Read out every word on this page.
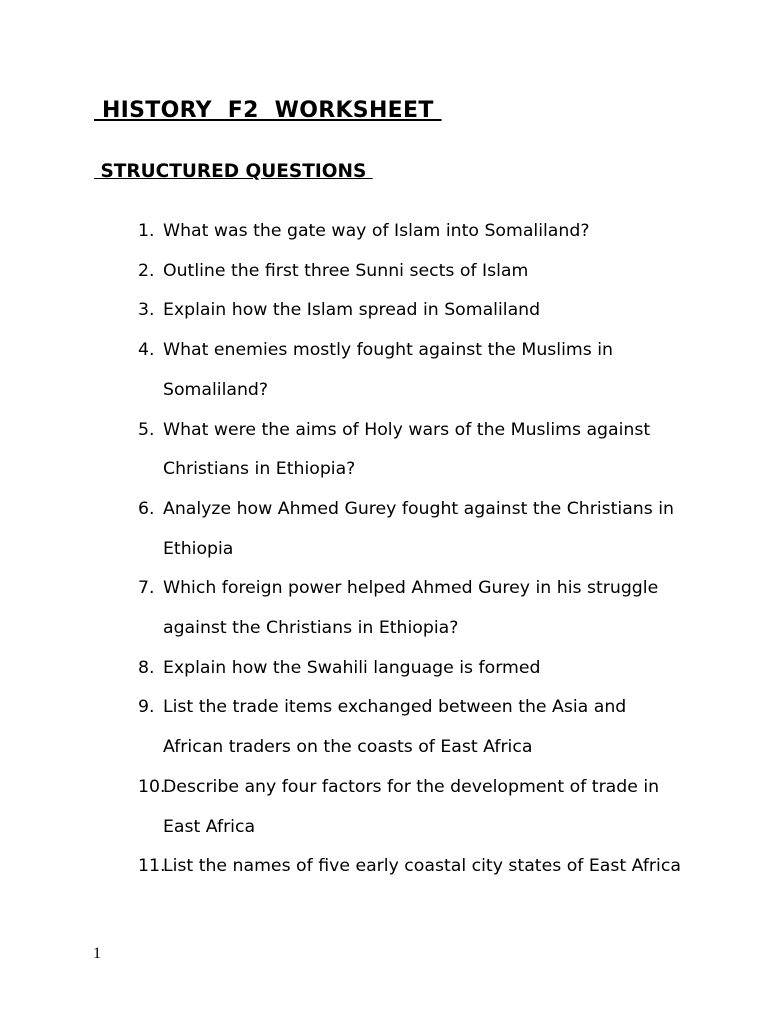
HISTORY  F2  WORKSHEET
STRUCTURED QUESTIONS
1. What was the gate way of Islam into Somaliland?
2. Outline the first three Sunni sects of Islam
3. Explain how the Islam spread in Somaliland
4. What enemies mostly fought against the Muslims in Somaliland?
5. What were the aims of Holy wars of the Muslims against Christians in Ethiopia?
6. Analyze how Ahmed Gurey fought against the Christians in Ethiopia
7. Which foreign power helped Ahmed Gurey in his struggle against the Christians in Ethiopia?
8. Explain how the Swahili language is formed
9. List the trade items exchanged between the Asia and African traders on the coasts of East Africa
10.
Describe any four factors for the development of trade in East Africa
11.
List the names of five early coastal city states of East Africa
1
